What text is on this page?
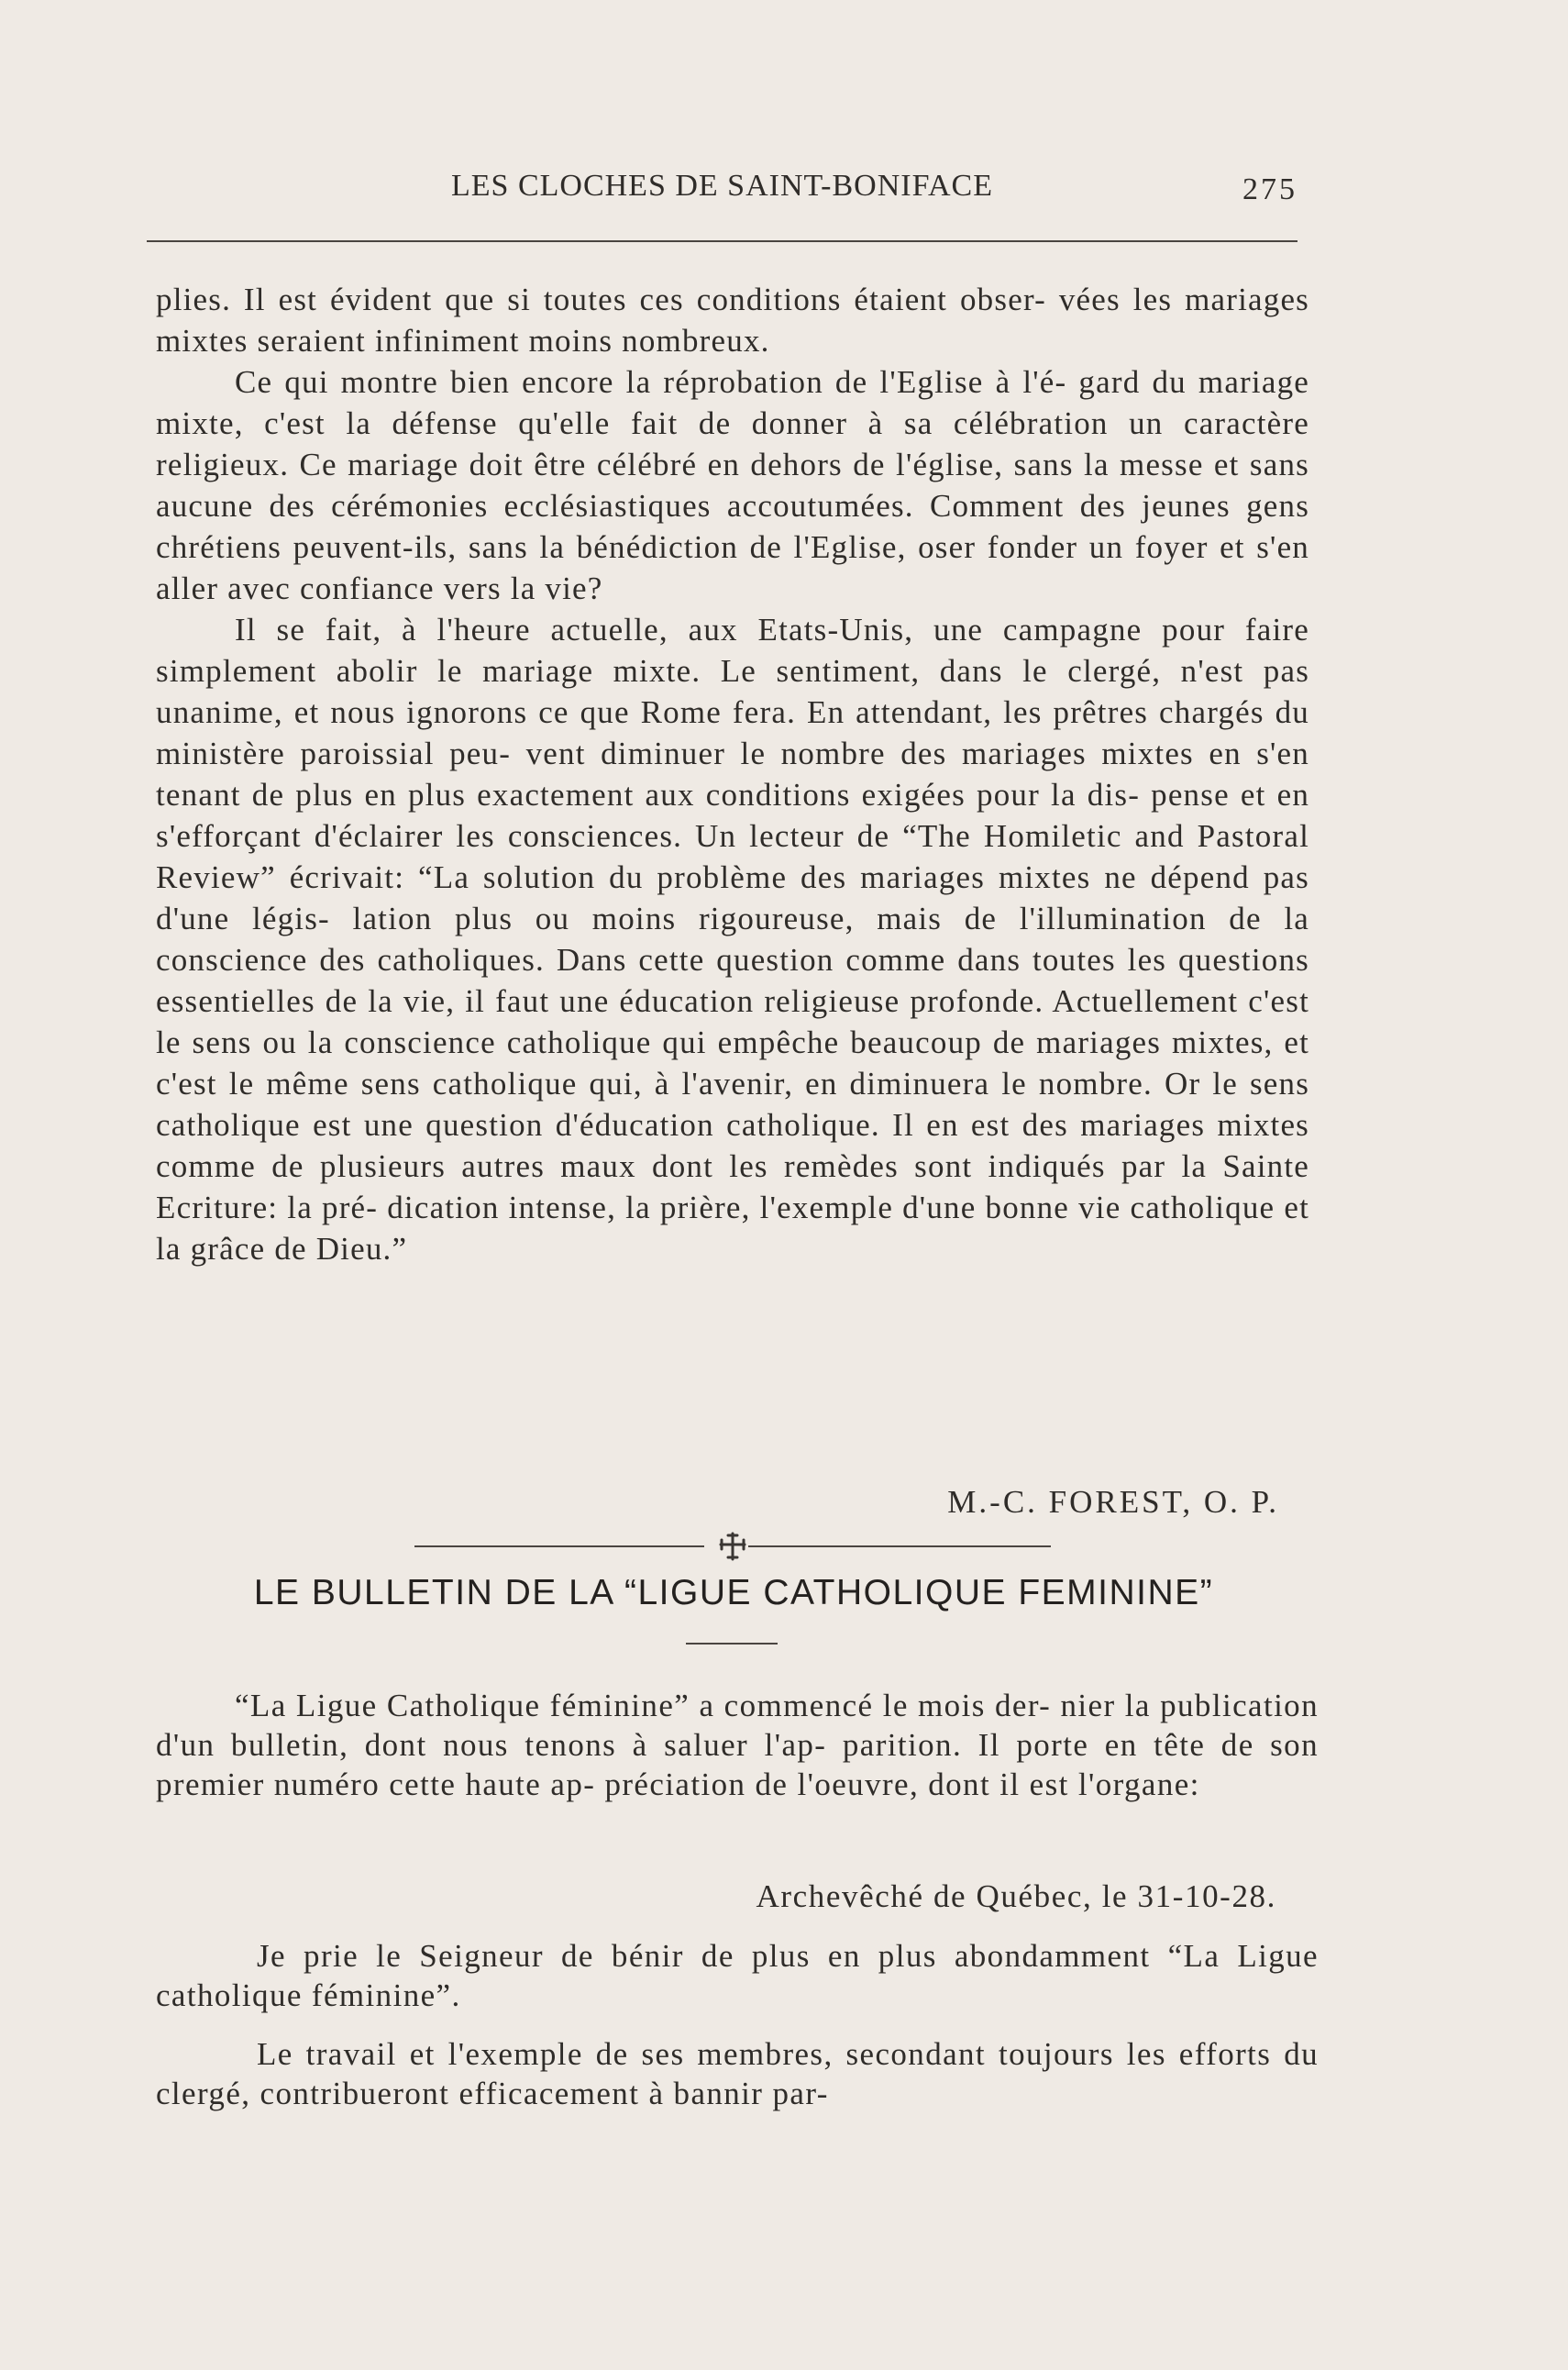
LES CLOCHES DE SAINT-BONIFACE	275

plies. Il est évident que si toutes ces conditions étaient obser- vées les mariages mixtes seraient infiniment moins nombreux.

Ce qui montre bien encore la réprobation de l'Eglise à l'é- gard du mariage mixte, c'est la défense qu'elle fait de donner à sa célébration un caractère religieux. Ce mariage doit être célébré en dehors de l'église, sans la messe et sans aucune des cérémonies ecclésiastiques accoutumées. Comment des jeunes gens chrétiens peuvent-ils, sans la bénédiction de l'Eglise, oser fonder un foyer et s'en aller avec confiance vers la vie?

Il se fait, à l'heure actuelle, aux Etats-Unis, une campagne pour faire simplement abolir le mariage mixte. Le sentiment, dans le clergé, n'est pas unanime, et nous ignorons ce que Rome fera. En attendant, les prêtres chargés du ministère paroissial peu- vent diminuer le nombre des mariages mixtes en s'en tenant de plus en plus exactement aux conditions exigées pour la dis- pense et en s'efforçant d'éclairer les consciences. Un lecteur de “The Homiletic and Pastoral Review” écrivait: “La solution du problème des mariages mixtes ne dépend pas d'une légis- lation plus ou moins rigoureuse, mais de l'illumination de la conscience des catholiques. Dans cette question comme dans toutes les questions essentielles de la vie, il faut une éducation religieuse profonde. Actuellement c'est le sens ou la conscience catholique qui empêche beaucoup de mariages mixtes, et c'est le même sens catholique qui, à l'avenir, en diminuera le nombre. Or le sens catholique est une question d'éducation catholique. Il en est des mariages mixtes comme de plusieurs autres maux dont les remèdes sont indiqués par la Sainte Ecriture: la pré- dication intense, la prière, l'exemple d'une bonne vie catholique et la grâce de Dieu.”

M.-C. FOREST, O. P.
LE BULLETIN DE LA “LIGUE CATHOLIQUE FEMININE”

“La Ligue Catholique féminine” a commencé le mois der- nier la publication d'un bulletin, dont nous tenons à saluer l'ap- parition. Il porte en tête de son premier numéro cette haute ap- préciation de l'oeuvre, dont il est l'organe:

Archevêché de Québec, le 31-10-28.

Je prie le Seigneur de bénir de plus en plus abondamment “La Ligue catholique féminine”.

Le travail et l'exemple de ses membres, secondant toujours les efforts du clergé, contribueront efficacement à bannir par-
